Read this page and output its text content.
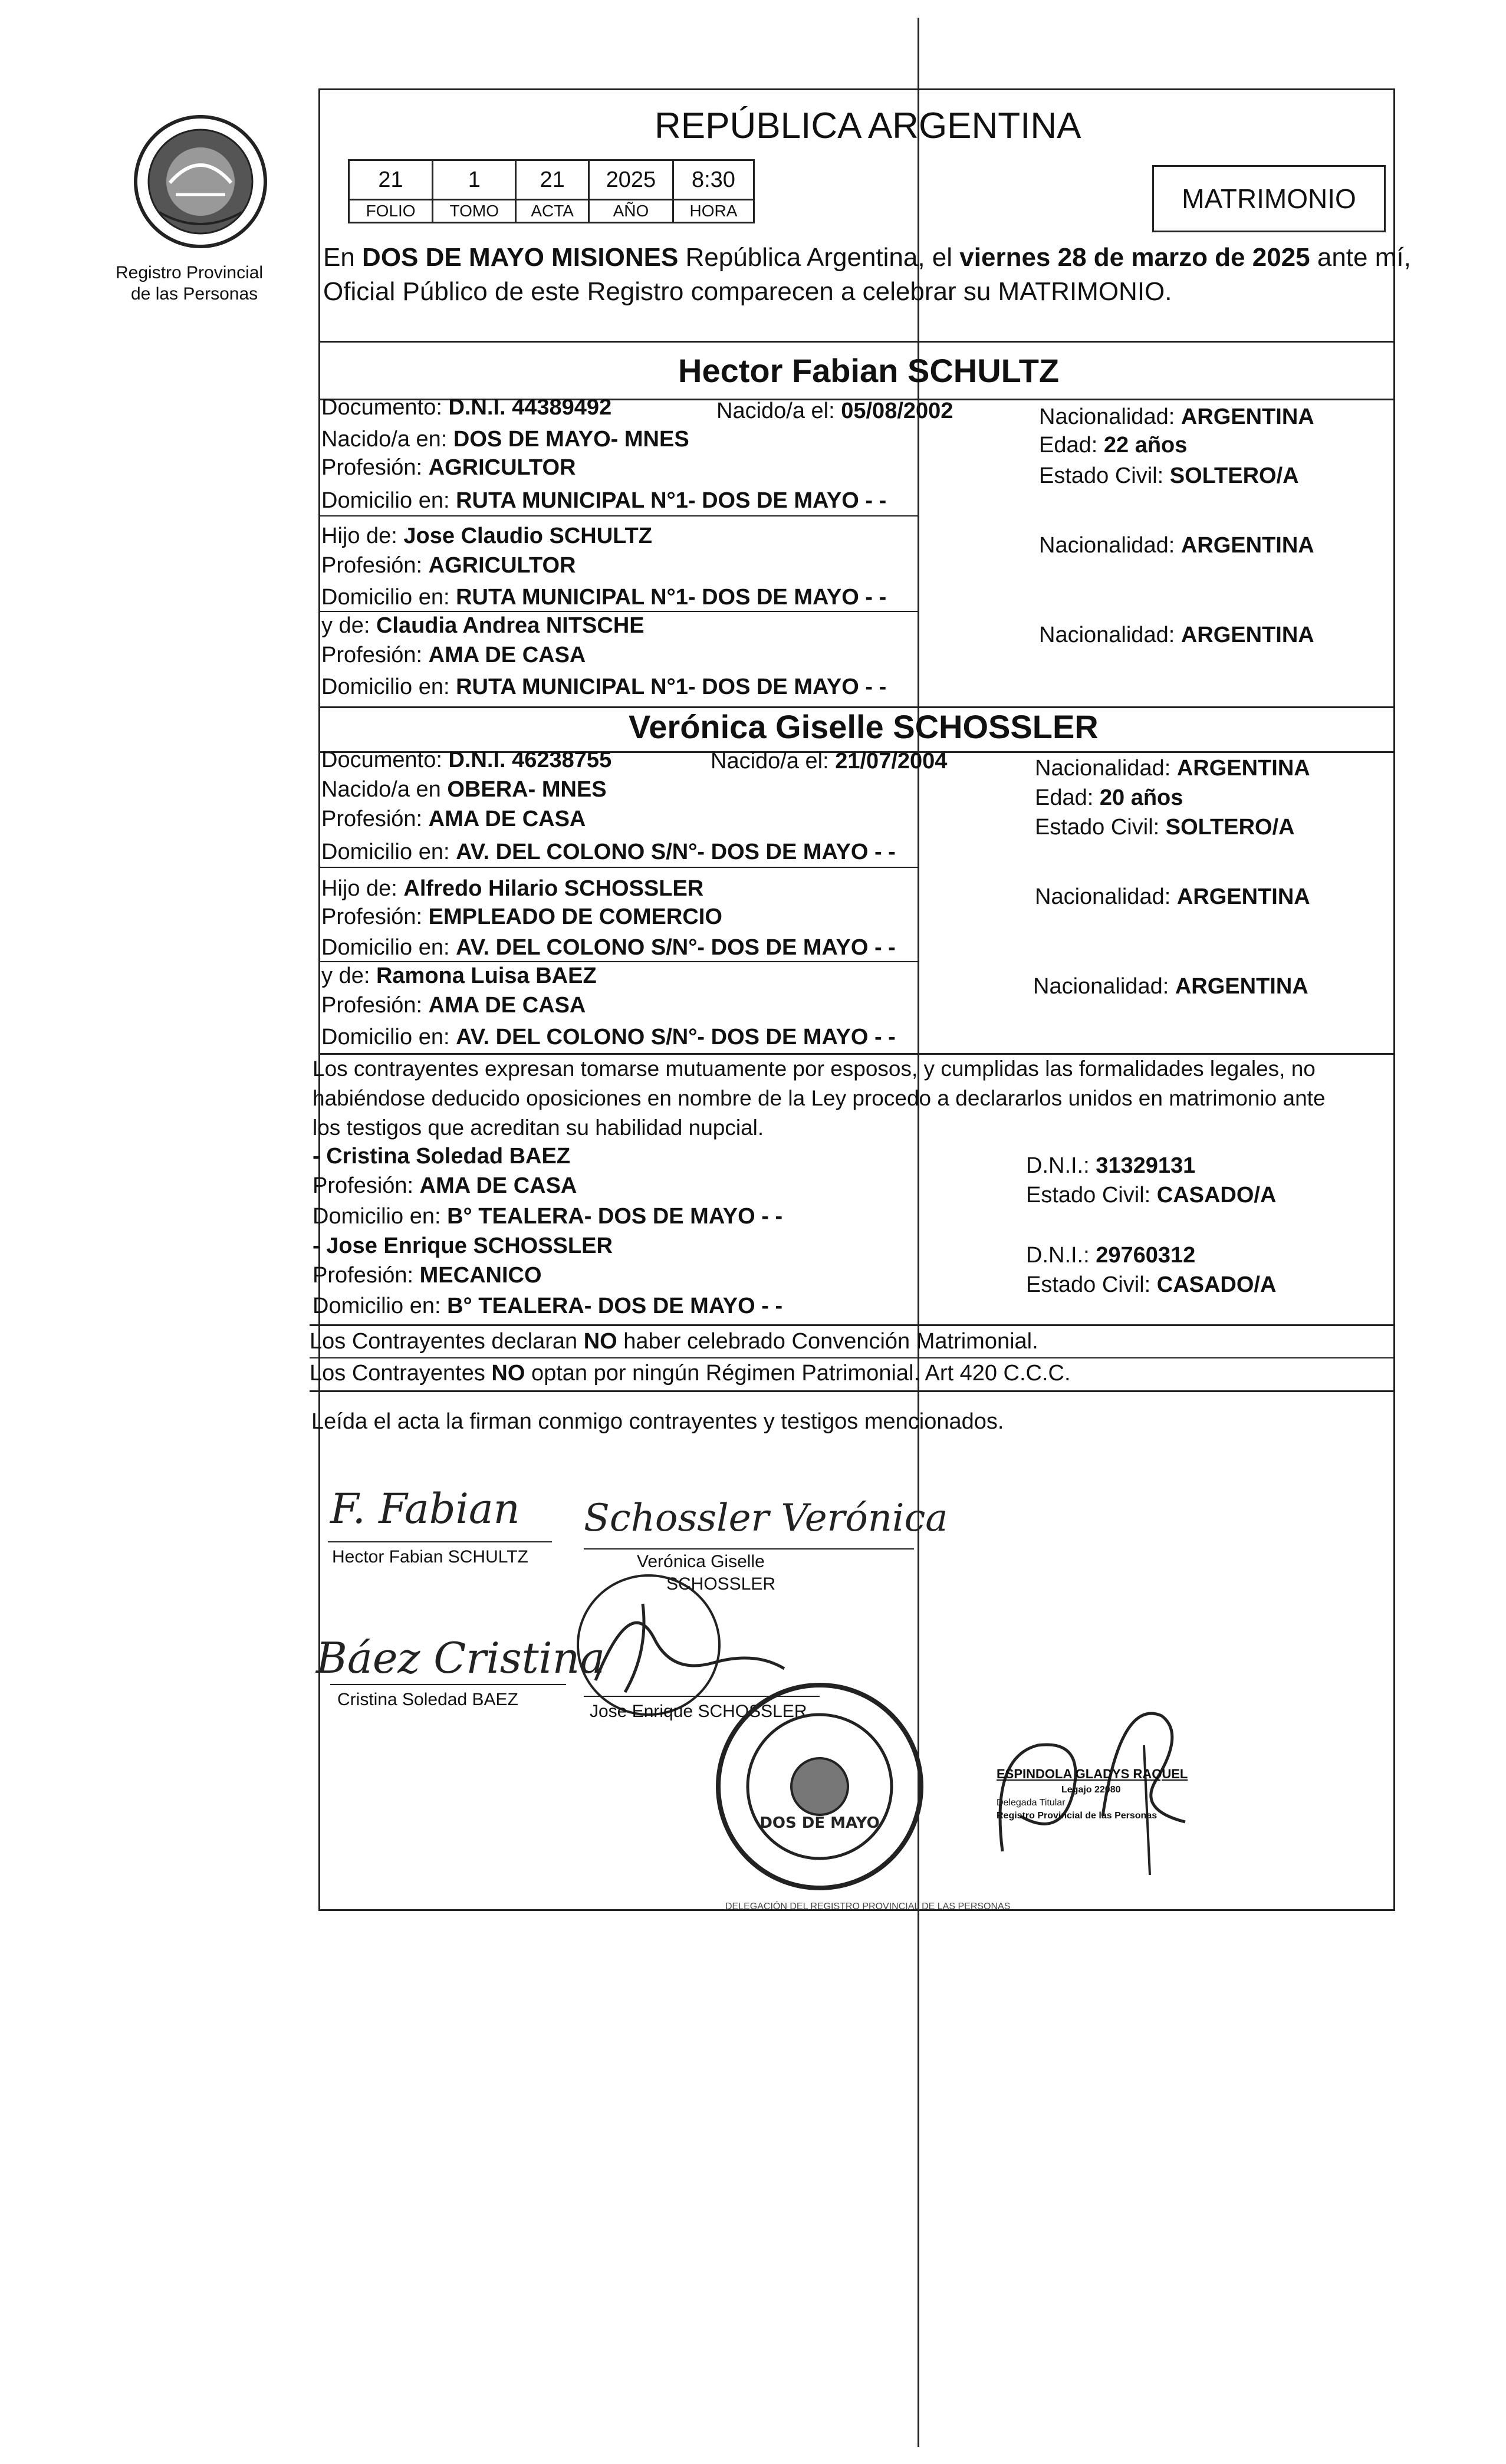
Registro Provincial
de las Personas
REPÚBLICA ARGENTINA
21	1	21	2025	8:30
FOLIO	TOMO	ACTA	AÑO	HORA	MATRIMONIO
En DOS DE MAYO MISIONES República Argentina, el viernes 28 de marzo de 2025 ante mí,
Oficial Público de este Registro comparecen a celebrar su MATRIMONIO.
Hector Fabian SCHULTZ
Documento: D.N.I. 44389492	Nacido/a el: 05/08/2002	Nacionalidad: ARGENTINA
Nacido/a en: DOS DE MAYO- MNES	Edad: 22 años
Profesión: AGRICULTOR	Estado Civil: SOLTERO/A
Domicilio en: RUTA MUNICIPAL N°1- DOS DE MAYO - -
Hijo de: Jose Claudio SCHULTZ	Nacionalidad: ARGENTINA
Profesión: AGRICULTOR
Domicilio en: RUTA MUNICIPAL N°1- DOS DE MAYO - -
y de: Claudia Andrea NITSCHE	Nacionalidad: ARGENTINA
Profesión: AMA DE CASA
Domicilio en: RUTA MUNICIPAL N°1- DOS DE MAYO - -
Verónica Giselle SCHOSSLER
Documento: D.N.I. 46238755	Nacido/a el: 21/07/2004	Nacionalidad: ARGENTINA
Nacido/a en OBERA- MNES	Edad: 20 años
Profesión: AMA DE CASA	Estado Civil: SOLTERO/A
Domicilio en: AV. DEL COLONO S/N°- DOS DE MAYO - -
Hijo de: Alfredo Hilario SCHOSSLER	Nacionalidad: ARGENTINA
Profesión: EMPLEADO DE COMERCIO
Domicilio en: AV. DEL COLONO S/N°- DOS DE MAYO - -
y de: Ramona Luisa BAEZ	Nacionalidad: ARGENTINA
Profesión: AMA DE CASA
Domicilio en: AV. DEL COLONO S/N°- DOS DE MAYO - -
Los contrayentes expresan tomarse mutuamente por esposos, y cumplidas las formalidades legales, no
habiéndose deducido oposiciones en nombre de la Ley procedo a declararlos unidos en matrimonio ante
los testigos que acreditan su habilidad nupcial.
- Cristina Soledad BAEZ	D.N.I.: 31329131
Profesión: AMA DE CASA	Estado Civil: CASADO/A
Domicilio en: B° TEALERA- DOS DE MAYO - -
- Jose Enrique SCHOSSLER	D.N.I.: 29760312
Profesión: MECANICO	Estado Civil: CASADO/A
Domicilio en: B° TEALERA- DOS DE MAYO - -
Los Contrayentes declaran NO haber celebrado Convención Matrimonial.
Los Contrayentes NO optan por ningún Régimen Patrimonial. Art 420 C.C.C.
Leída el acta la firman conmigo contrayentes y testigos mencionados.
F. Fabian
Hector Fabian SCHULTZ
Schossler Verónica
Verónica Giselle
SCHOSSLER
Báez Cristina
Cristina Soledad BAEZ
Jose Enrique SCHOSSLER
DOS DE MAYO
DELEGACIÓN DEL REGISTRO PROVINCIAL DE LAS PERSONAS
ESPINDOLA GLADYS RAQUEL
Legajo 22080
Delegada Titular
Registro Provincial de las Personas
